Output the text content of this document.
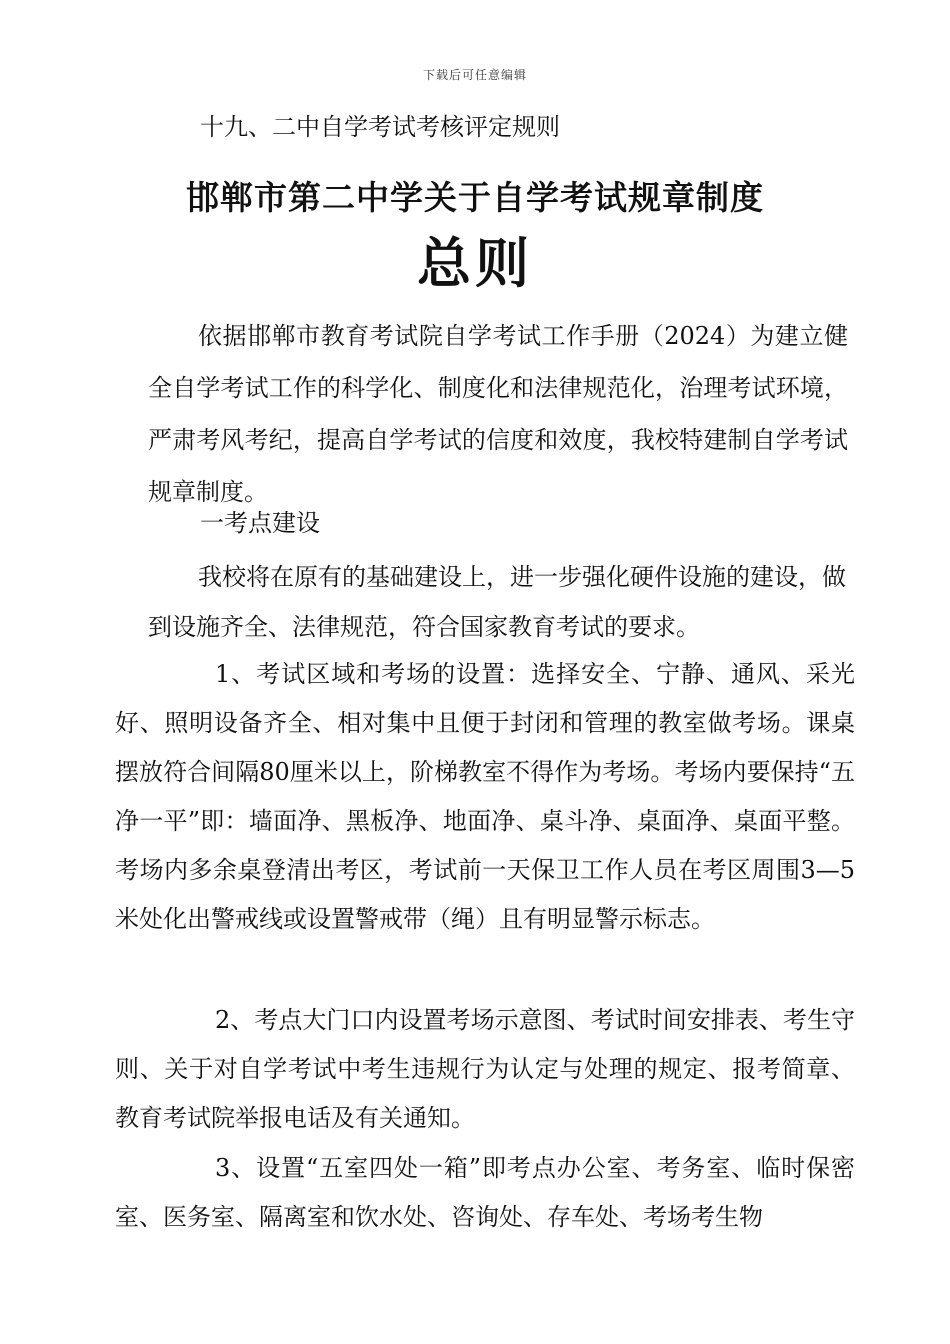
下载后可任意编辑
十九、二中自学考试考核评定规则
邯郸市第二中学关于自学考试规章制度
总则

依据邯郸市教育考试院自学考试工作手册（2024）为建立健全自学考试工作的科学化、制度化和法律规范化，治理考试环境，严肃考风考纪，提高自学考试的信度和效度，我校特建制自学考试规章制度。

一考点建设

我校将在原有的基础建设上，进一步强化硬件设施的建设，做到设施齐全、法律规范，符合国家教育考试的要求。

1、考试区域和考场的设置：选择安全、宁静、通风、采光好、照明设备齐全、相对集中且便于封闭和管理的教室做考场。课桌摆放符合间隔80厘米以上，阶梯教室不得作为考场。考场内要保持“五净一平”即：墙面净、黑板净、地面净、桌斗净、桌面净、桌面平整。考场内多余桌登清出考区，考试前一天保卫工作人员在考区周围3—5米处化出警戒线或设置警戒带（绳）且有明显警示标志。

2、考点大门口内设置考场示意图、考试时间安排表、考生守则、关于对自学考试中考生违规行为认定与处理的规定、报考简章、教育考试院举报电话及有关通知。

3、设置“五室四处一箱”即考点办公室、考务室、临时保密室、医务室、隔离室和饮水处、咨询处、存车处、考场考生物
